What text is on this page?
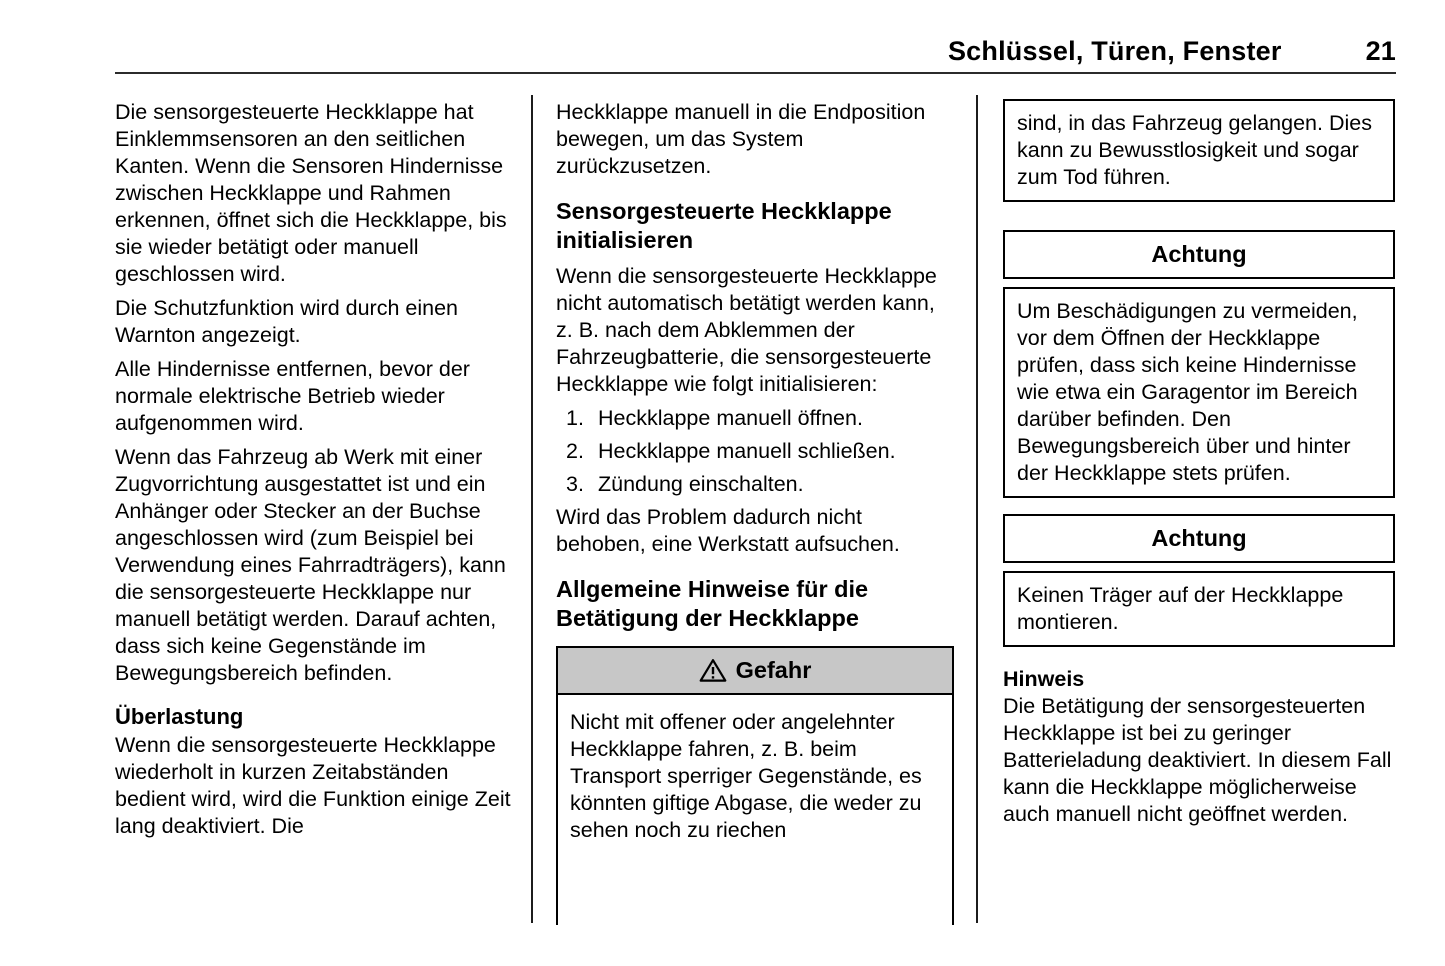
Schlüssel, Türen, Fenster	21
Die sensorgesteuerte Heckklappe hat Einklemmsensoren an den seitlichen Kanten. Wenn die Sensoren Hindernisse zwischen Heckklappe und Rahmen erkennen, öffnet sich die Heckklappe, bis sie wieder betätigt oder manuell geschlossen wird.
Die Schutzfunktion wird durch einen Warnton angezeigt.
Alle Hindernisse entfernen, bevor der normale elektrische Betrieb wieder aufgenommen wird.
Wenn das Fahrzeug ab Werk mit einer Zugvorrichtung ausgestattet ist und ein Anhänger oder Stecker an der Buchse angeschlossen wird (zum Beispiel bei Verwendung eines Fahrradträgers), kann die sensorgesteuerte Heckklappe nur manuell betätigt werden. Darauf achten, dass sich keine Gegenstände im Bewegungsbereich befinden.
Überlastung
Wenn die sensorgesteuerte Heckklappe wiederholt in kurzen Zeitabständen bedient wird, wird die Funktion einige Zeit lang deaktiviert. Die
Heckklappe manuell in die Endposition bewegen, um das System zurückzusetzen.
Sensorgesteuerte Heckklappe initialisieren
Wenn die sensorgesteuerte Heckklappe nicht automatisch betätigt werden kann, z. B. nach dem Abklemmen der Fahrzeugbatterie, die sensorgesteuerte Heckklappe wie folgt initialisieren:
1. Heckklappe manuell öffnen.
2. Heckklappe manuell schließen.
3. Zündung einschalten.
Wird das Problem dadurch nicht behoben, eine Werkstatt aufsuchen.
Allgemeine Hinweise für die Betätigung der Heckklappe
Gefahr
Nicht mit offener oder angelehnter Heckklappe fahren, z. B. beim Transport sperriger Gegenstände, es könnten giftige Abgase, die weder zu sehen noch zu riechen
sind, in das Fahrzeug gelangen. Dies kann zu Bewusstlosigkeit und sogar zum Tod führen.
Achtung
Um Beschädigungen zu vermeiden, vor dem Öffnen der Heckklappe prüfen, dass sich keine Hindernisse wie etwa ein Garagentor im Bereich darüber befinden. Den Bewegungsbereich über und hinter der Heckklappe stets prüfen.
Achtung
Keinen Träger auf der Heckklappe montieren.
Hinweis
Die Betätigung der sensorgesteuerten Heckklappe ist bei zu geringer Batterieladung deaktiviert. In diesem Fall kann die Heckklappe möglicherweise auch manuell nicht geöffnet werden.
